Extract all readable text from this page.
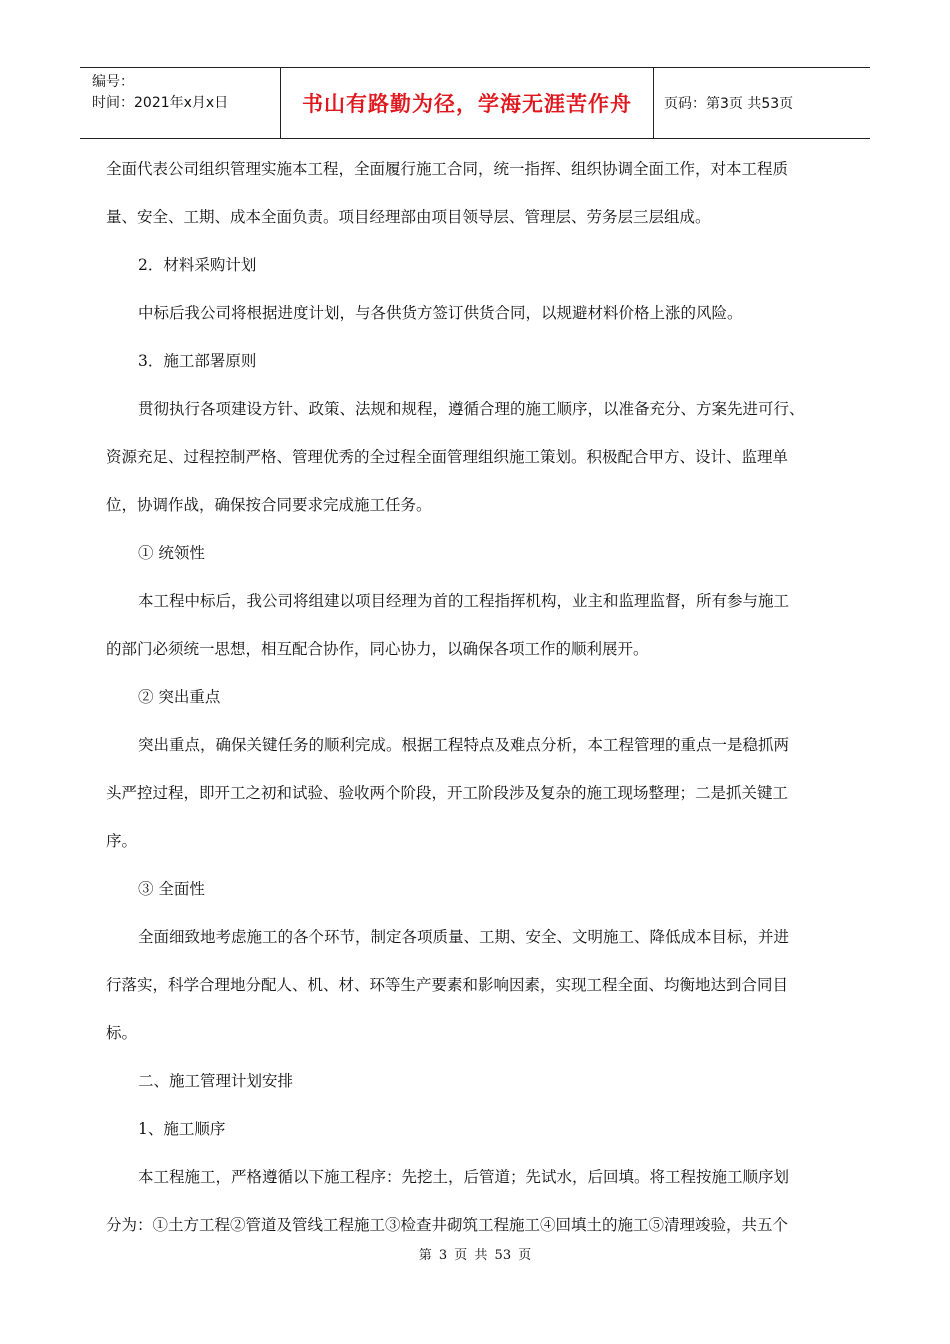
编号：
时间：2021年x月x日	书山有路勤为径，学海无涯苦作舟	页码：第3页 共53页
全面代表公司组织管理实施本工程，全面履行施工合同，统一指挥、组织协调全面工作，对本工程质
量、安全、工期、成本全面负责。项目经理部由项目领导层、管理层、劳务层三层组成。
2．材料采购计划
中标后我公司将根据进度计划，与各供货方签订供货合同，以规避材料价格上涨的风险。
3．施工部署原则
贯彻执行各项建设方针、政策、法规和规程，遵循合理的施工顺序，以准备充分、方案先进可行、
资源充足、过程控制严格、管理优秀的全过程全面管理组织施工策划。积极配合甲方、设计、监理单
位，协调作战，确保按合同要求完成施工任务。
① 统领性
本工程中标后，我公司将组建以项目经理为首的工程指挥机构，业主和监理监督，所有参与施工
的部门必须统一思想，相互配合协作，同心协力，以确保各项工作的顺利展开。
② 突出重点
突出重点，确保关键任务的顺利完成。根据工程特点及难点分析，本工程管理的重点一是稳抓两
头严控过程，即开工之初和试验、验收两个阶段，开工阶段涉及复杂的施工现场整理；二是抓关键工
序。
③ 全面性
全面细致地考虑施工的各个环节，制定各项质量、工期、安全、文明施工、降低成本目标，并进
行落实，科学合理地分配人、机、材、环等生产要素和影响因素，实现工程全面、均衡地达到合同目
标。
二、施工管理计划安排
1、施工顺序
本工程施工，严格遵循以下施工程序：先挖土，后管道；先试水，后回填。将工程按施工顺序划
分为：①土方工程②管道及管线工程施工③检查井砌筑工程施工④回填土的施工⑤清理竣验，共五个
第 3 页 共 53 页
